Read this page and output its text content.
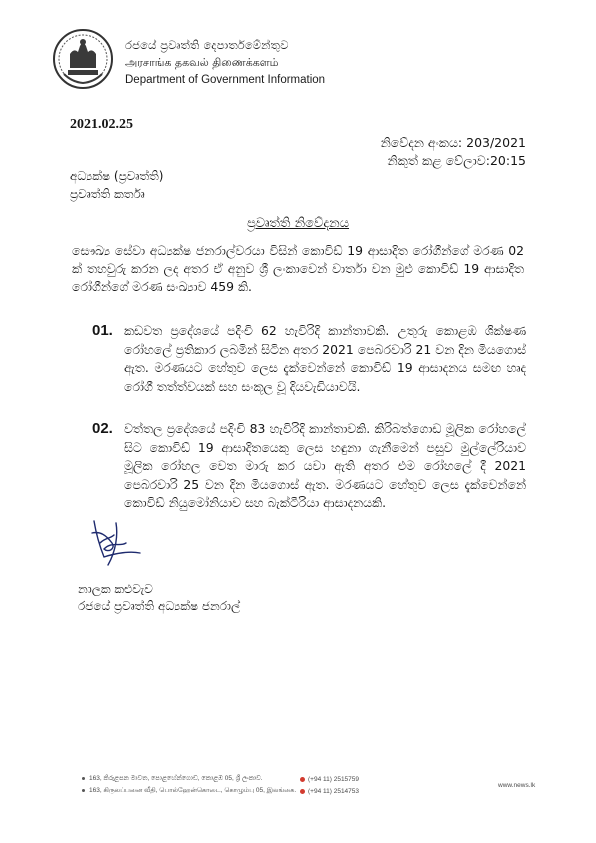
රජයේ ප්‍රවෘත්ති දෙපාර්තමේන්තුව
அரசாங்க தகவல் திணைக்களம்
Department of Government Information
2021.02.25
නිවේදන අංකය: 203/2021
නිකුත් කළ වේලාව:20:15
අධ්‍යක්ෂ (ප්‍රවෘත්ති)
ප්‍රවෘත්ති කර්තෘ
ප්‍රවෘත්ති නිවේදනය
සෞඛ්‍ය සේවා අධ්‍යක්ෂ ජනරාල්වරයා විසින් කොවිඩ් 19 ආසාදිත රෝගීන්ගේ මරණ 02 ක් තහවුරු කරන ලද අතර ඒ අනුව ශ්‍රී ලංකාවෙන් වාර්තා වන මුළු කොවිඩ් 19 ආසාදිත රෝගීන්ගේ මරණ සංඛ්‍යාව 459 කි.
01. කඩවත ප්‍රදේශයේ පදිංචි 62 හැවිරිදි කාන්තාවකි. උතුරු කොළඹ ශික්ෂණ රෝහලේ ප්‍රතිකාර ලබමින් සිටින අතර 2021 පෙබරවාරි 21 වන දින මියගොස් ඇත. මරණයට හේතුව ලෙස දැක්වෙන්නේ කොවිඩ් 19 ආසාදනය සමඟ හෘද රෝගී තත්ත්වයක් සහ සංකූල වූ දියවැඩියාවයි.
02. වත්තල ප්‍රදේශයේ පදිංචි 83 හැවිරිදි කාන්තාවකි. කිරිබත්ගොඩ මූලික රෝහලේ සිට කොවිඩ් 19 ආසාදිතයෙකු ලෙස හඳුනා ගැනීමෙන් පසුව මුල්ලේරියාව මූලික රෝහල වෙත මාරු කර යවා ඇති අතර එම රෝහලේ දී 2021 පෙබරවාරි 25 වන දින මියගොස් ඇත. මරණයට හේතුව ලෙස දැක්වෙන්නේ කොවිඩ් නියුමෝනියාව සහ බැක්ටීරියා ආසාදනයකි.
නාලක කළුවැව
රජයේ ප්‍රවෘත්ති අධ්‍යක්ෂ ජනරාල්
163, කිරුළපන මාවත, පොළහේන්ගොඩ, කොළඹ 05, ශ්‍රී ලංකාව.
163, கிருலப்பனை வீதி, பொல்ஹேன்கொடை, கொழும்பு 05, இலங்கை.
(+94 11) 2515759
(+94 11) 2514753
www.news.lk
